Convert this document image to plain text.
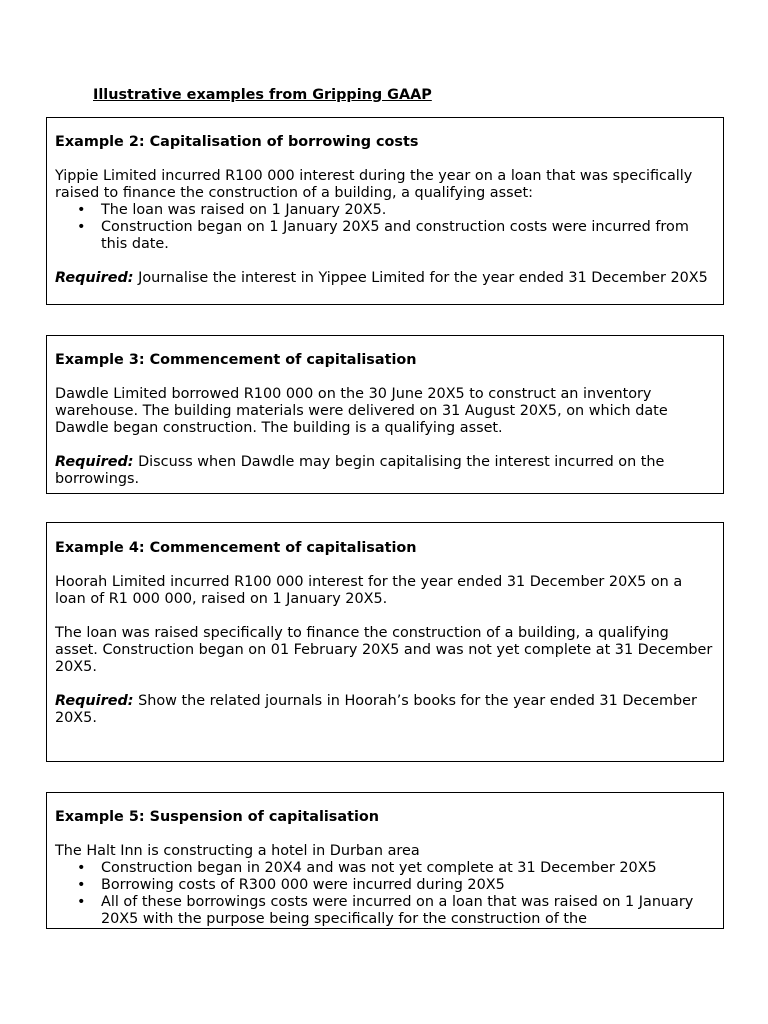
Illustrative examples from Gripping GAAP

Example 2: Capitalisation of borrowing costs

Yippie Limited incurred R100 000 interest during the year on a loan that was specifically raised to finance the construction of a building, a qualifying asset:

• The loan was raised on 1 January 20X5.
• Construction began on 1 January 20X5 and construction costs were incurred from this date.

Required: Journalise the interest in Yippee Limited for the year ended 31 December 20X5

Example 3: Commencement of capitalisation

Dawdle Limited borrowed R100 000 on the 30 June 20X5 to construct an inventory warehouse. The building materials were delivered on 31 August 20X5, on which date Dawdle began construction. The building is a qualifying asset.

Required: Discuss when Dawdle may begin capitalising the interest incurred on the borrowings.

Example 4: Commencement of capitalisation

Hoorah Limited incurred R100 000 interest for the year ended 31 December 20X5 on a loan of R1 000 000, raised on 1 January 20X5.

The loan was raised specifically to finance the construction of a building, a qualifying asset. Construction began on 01 February 20X5 and was not yet complete at 31 December 20X5.

Required: Show the related journals in Hoorah’s books for the year ended 31 December 20X5.

Example 5: Suspension of capitalisation

The Halt Inn is constructing a hotel in Durban area

• Construction began in 20X4 and was not yet complete at 31 December 20X5
• Borrowing costs of R300 000 were incurred during 20X5
• All of these borrowings costs were incurred on a loan that was raised on 1 January 20X5 with the purpose being specifically for the construction of the
